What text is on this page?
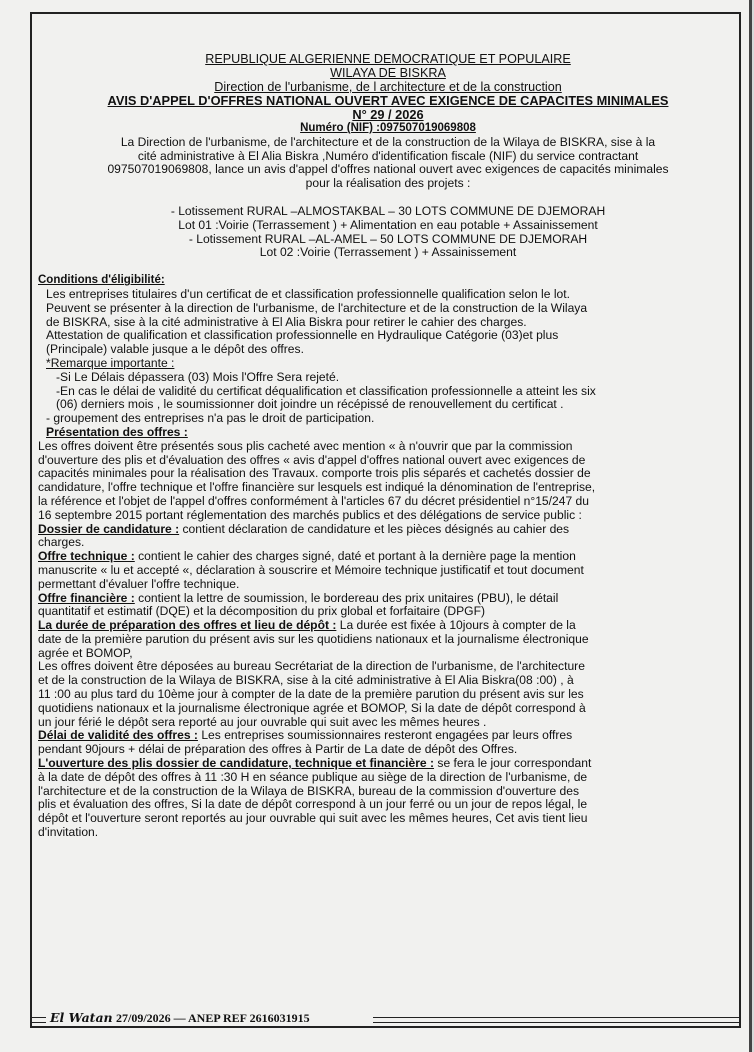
REPUBLIQUE ALGERIENNE DEMOCRATIQUE ET POPULAIRE

WILAYA DE BISKRA

Direction de l'urbanisme, de l architecture et de la construction

AVIS D'APPEL D'OFFRES NATIONAL OUVERT AVEC EXIGENCE DE CAPACITES MINIMALES

N° 29 / 2026

Numéro (NIF) :097507019069808

La Direction de l'urbanisme, de l'architecture et de la construction de la Wilaya de BISKRA, sise à la

cité administrative à El Alia Biskra ,Numéro d'identification fiscale (NIF) du service contractant

097507019069808, lance un avis d'appel d'offres national ouvert avec exigences de capacités minimales

pour la réalisation des projets :

- Lotissement RURAL –ALMOSTAKBAL – 30 LOTS COMMUNE DE DJEMORAH

Lot 01 :Voirie (Terrassement ) + Alimentation en eau potable + Assainissement

- Lotissement RURAL –AL-AMEL – 50 LOTS COMMUNE DE DJEMORAH

Lot 02 :Voirie (Terrassement ) + Assainissement

Conditions d'éligibilité:

Les entreprises titulaires d'un certificat de et classification professionnelle qualification selon le lot.

Peuvent se présenter à la direction de l'urbanisme, de l'architecture et de la construction de la Wilaya

de BISKRA, sise à la cité administrative à El Alia Biskra pour retirer le cahier des charges.

Attestation de qualification et classification professionnelle en Hydraulique Catégorie (03)et plus

(Principale) valable jusque a le dépôt des offres.

*Remarque importante :

-Si Le Délais dépassera (03) Mois l'Offre Sera rejeté.

-En cas le délai de validité du certificat déqualification et classification professionnelle a atteint les six

(06) derniers mois , le soumissionner doit joindre un récépissé de renouvellement du certificat .

- groupement des entreprises n'a pas le droit de participation.

Présentation des offres :

Les offres doivent être présentés sous plis cacheté avec mention « à n'ouvrir que par la commission

d'ouverture des plis et d'évaluation des offres « avis d'appel d'offres national ouvert avec exigences de

capacités minimales pour la réalisation des Travaux. comporte trois plis séparés et cachetés dossier de

candidature, l'offre technique et l'offre financière sur lesquels est indiqué la dénomination de l'entreprise,

la référence et l'objet de l'appel d'offres conformément à l'articles 67 du décret présidentiel n°15/247 du

16 septembre 2015 portant réglementation des marchés publics et des délégations de service public :

Dossier de candidature : contient déclaration de candidature et les pièces désignés au cahier des

charges.

Offre technique : contient le cahier des charges signé, daté et portant à la dernière page la mention

manuscrite « lu et accepté «, déclaration à souscrire et Mémoire technique justificatif et tout document

permettant d'évaluer l'offre technique.

Offre financière : contient la lettre de soumission, le bordereau des prix unitaires (PBU), le détail

quantitatif et estimatif (DQE) et la décomposition du prix global et forfaitaire (DPGF)

La durée de préparation des offres et lieu de dépôt : La durée est fixée à 10jours à compter de la

date de la première parution du présent avis sur les quotidiens nationaux et la journalisme électronique

agrée et BOMOP,

Les offres doivent être déposées au bureau Secrétariat de la direction de l'urbanisme, de l'architecture

et de la construction de la Wilaya de BISKRA, sise à la cité administrative à El Alia Biskra(08 :00) , à

11 :00 au plus tard du 10ème jour à compter de la date de la première parution du présent avis sur les

quotidiens nationaux et la journalisme électronique agrée et BOMOP, Si la date de dépôt correspond à

un jour férié le dépôt sera reporté au jour ouvrable qui suit avec les mêmes heures .

Délai de validité des offres : Les entreprises soumissionnaires resteront engagées par leurs offres

pendant 90jours + délai de préparation des offres à Partir de La date de dépôt des Offres.

L'ouverture des plis dossier de candidature, technique et financière : se fera le jour correspondant

à la date de dépôt des offres à 11 :30 H en séance publique au siège de la direction de l'urbanisme, de

l'architecture et de la construction de la Wilaya de BISKRA, bureau de la commission d'ouverture des

plis et évaluation des offres, Si la date de dépôt correspond à un jour ferré ou un jour de repos légal, le

dépôt et l'ouverture seront reportés au jour ouvrable qui suit avec les mêmes heures, Cet avis tient lieu

d'invitation.

El Watan 27/09/2026 — ANEP REF 2616031915
